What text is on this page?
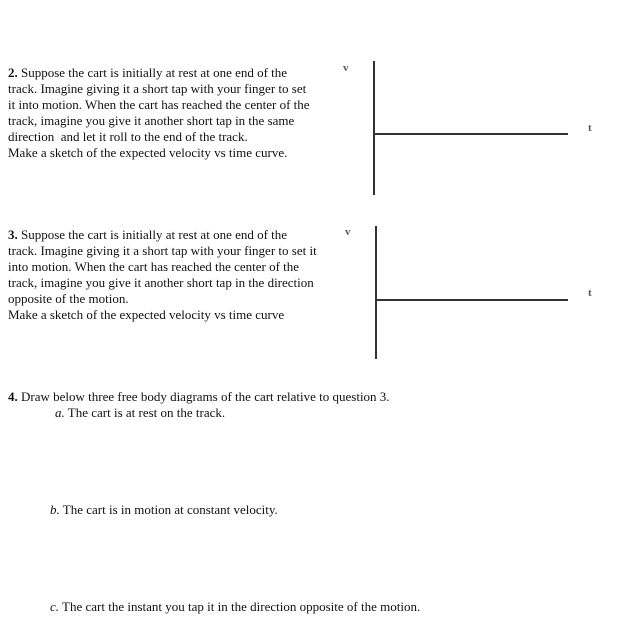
2. Suppose the cart is initially at rest at one end of the
track. Imagine giving it a short tap with your finger to set
it into motion. When the cart has reached the center of the
track, imagine you give it another short tap in the same
direction  and let it roll to the end of the track.
Make a sketch of the expected velocity vs time curve.
v
t
3. Suppose the cart is initially at rest at one end of the
track. Imagine giving it a short tap with your finger to set it
into motion. When the cart has reached the center of the
track, imagine you give it another short tap in the direction
opposite of the motion.
Make a sketch of the expected velocity vs time curve
v
t
4. Draw below three free body diagrams of the cart relative to question 3.
a. The cart is at rest on the track.
b. The cart is in motion at constant velocity.
c. The cart the instant you tap it in the direction opposite of the motion.
